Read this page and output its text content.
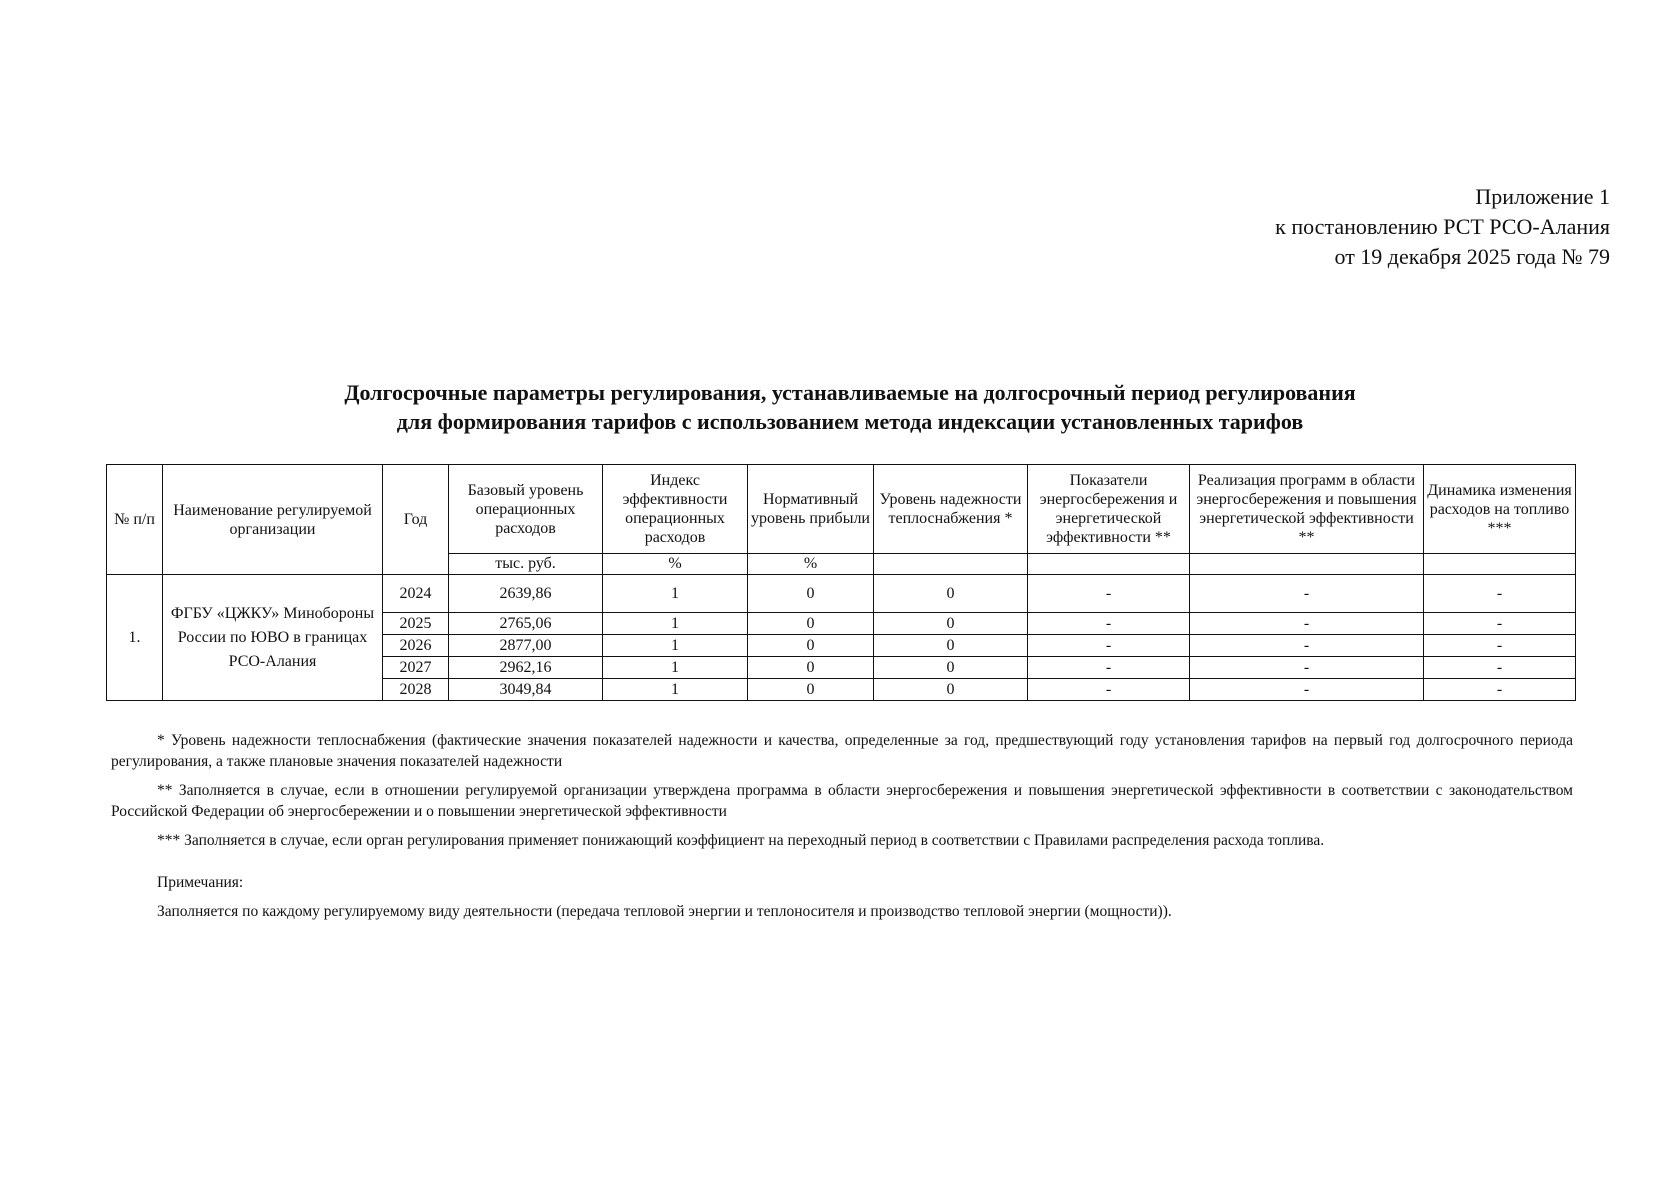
Приложение 1
к постановлению РСТ РСО-Алания
от 19 декабря 2025 года № 79
Долгосрочные параметры регулирования, устанавливаемые на долгосрочный период регулирования
для формирования тарифов с использованием метода индексации установленных тарифов
№ п/п	Наименование регулируемой организации	Год	Базовый уровень операционных расходов	Индекс эффективности операционных расходов	Нормативный уровень прибыли	Уровень надежности теплоснабжения *	Показатели энергосбережения и энергетической эффективности **	Реализация программ в области энергосбережения и повышения энергетической эффективности **	Динамика изменения расходов на топливо ***
			тыс. руб.	%	%				
1.	ФГБУ «ЦЖКУ» Минобороны России по ЮВО в границах РСО-Алания	2024	2639,86	1	0	0	-	-	-
		2025	2765,06	1	0	0	-	-	-
		2026	2877,00	1	0	0	-	-	-
		2027	2962,16	1	0	0	-	-	-
		2028	3049,84	1	0	0	-	-	-

* Уровень надежности теплоснабжения (фактические значения показателей надежности и качества, определенные за год, предшествующий году установления тарифов на первый год долгосрочного периода регулирования, а также плановые значения показателей надежности

** Заполняется в случае, если в отношении регулируемой организации утверждена программа в области энергосбережения и повышения энергетической эффективности в соответствии с законодательством Российской Федерации об энергосбережении и о повышении энергетической эффективности

*** Заполняется в случае, если орган регулирования применяет понижающий коэффициент на переходный период в соответствии с Правилами распределения расхода топлива.

Примечания:

Заполняется по каждому регулируемому виду деятельности (передача тепловой энергии и теплоносителя и производство тепловой энергии (мощности)).
